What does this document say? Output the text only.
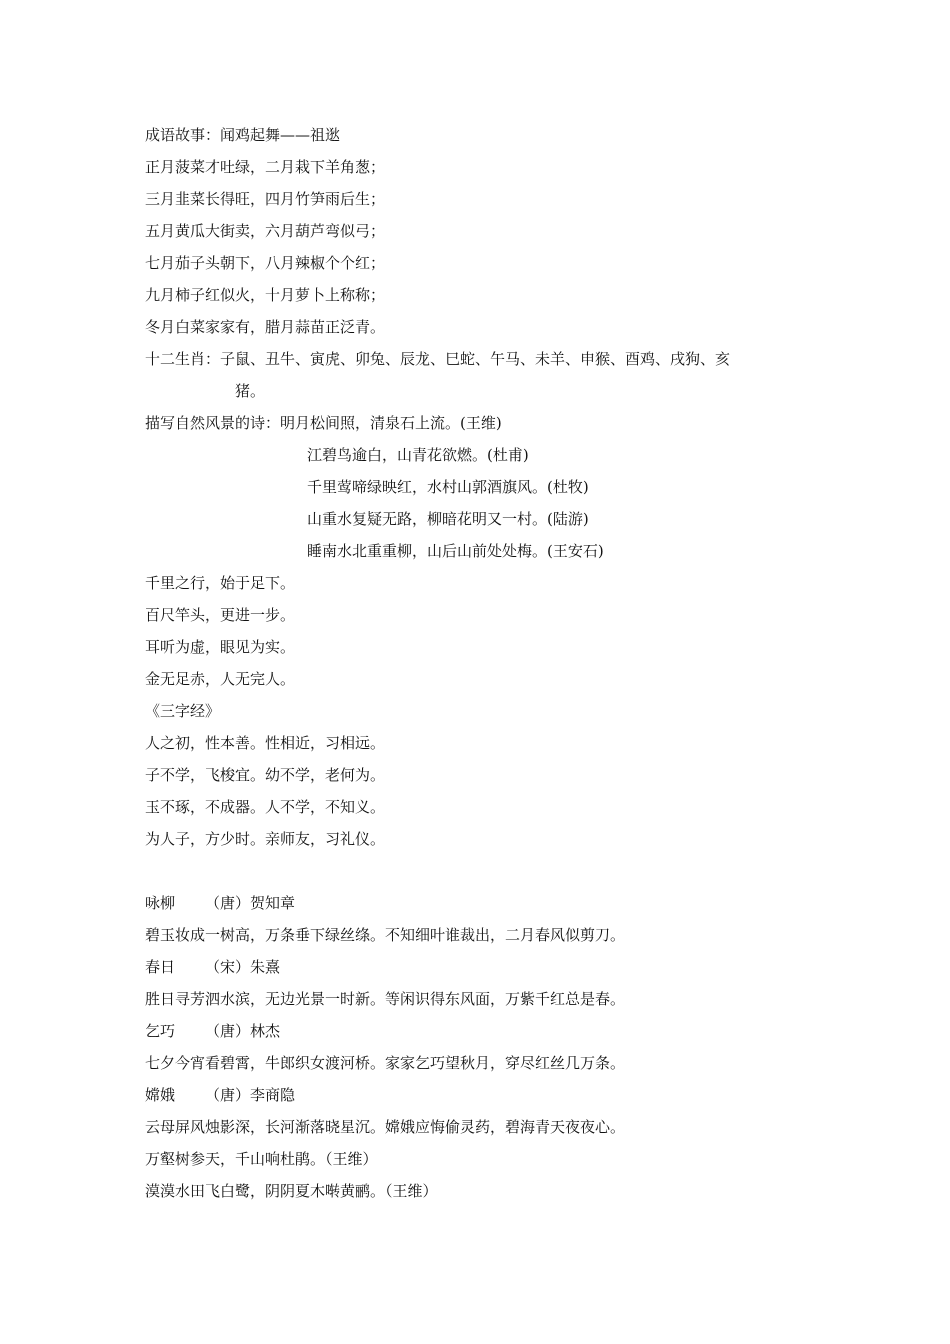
成语故事：闻鸡起舞——祖逖
正月菠菜才吐绿，二月栽下羊角葱；
三月韭菜长得旺，四月竹笋雨后生；
五月黄瓜大街卖，六月葫芦弯似弓；
七月茄子头朝下，八月辣椒个个红；
九月柿子红似火，十月萝卜上称称；
冬月白菜家家有，腊月蒜苗正泛青。
十二生肖：子鼠、丑牛、寅虎、卯兔、辰龙、巳蛇、午马、未羊、申猴、酉鸡、戌狗、亥
猪。
描写自然风景的诗：明月松间照，清泉石上流。(王维)
江碧鸟逾白，山青花欲燃。(杜甫)
千里莺啼绿映红，水村山郭酒旗风。(杜牧)
山重水复疑无路，柳暗花明又一村。(陆游)
睡南水北重重柳，山后山前处处梅。(王安石)
千里之行，始于足下。
百尺竿头，更进一步。
耳听为虚，眼见为实。
金无足赤，人无完人。
《三字经》
人之初，性本善。性相近，习相远。
子不学，飞梭宜。幼不学，老何为。
玉不琢，不成器。人不学，不知义。
为人子，方少时。亲师友，习礼仪。
咏柳 （唐）贺知章
碧玉妆成一树高，万条垂下绿丝绦。不知细叶谁裁出，二月春风似剪刀。
春日 （宋）朱熹
胜日寻芳泗水滨，无边光景一时新。等闲识得东风面，万紫千红总是春。
乞巧 （唐）林杰
七夕今宵看碧霄，牛郎织女渡河桥。家家乞巧望秋月，穿尽红丝几万条。
嫦娥 （唐）李商隐
云母屏风烛影深，长河渐落晓星沉。嫦娥应悔偷灵药，碧海青天夜夜心。
万壑树参天，千山响杜鹃。（王维）
漠漠水田飞白鹭，阴阴夏木啭黄鹂。（王维）
